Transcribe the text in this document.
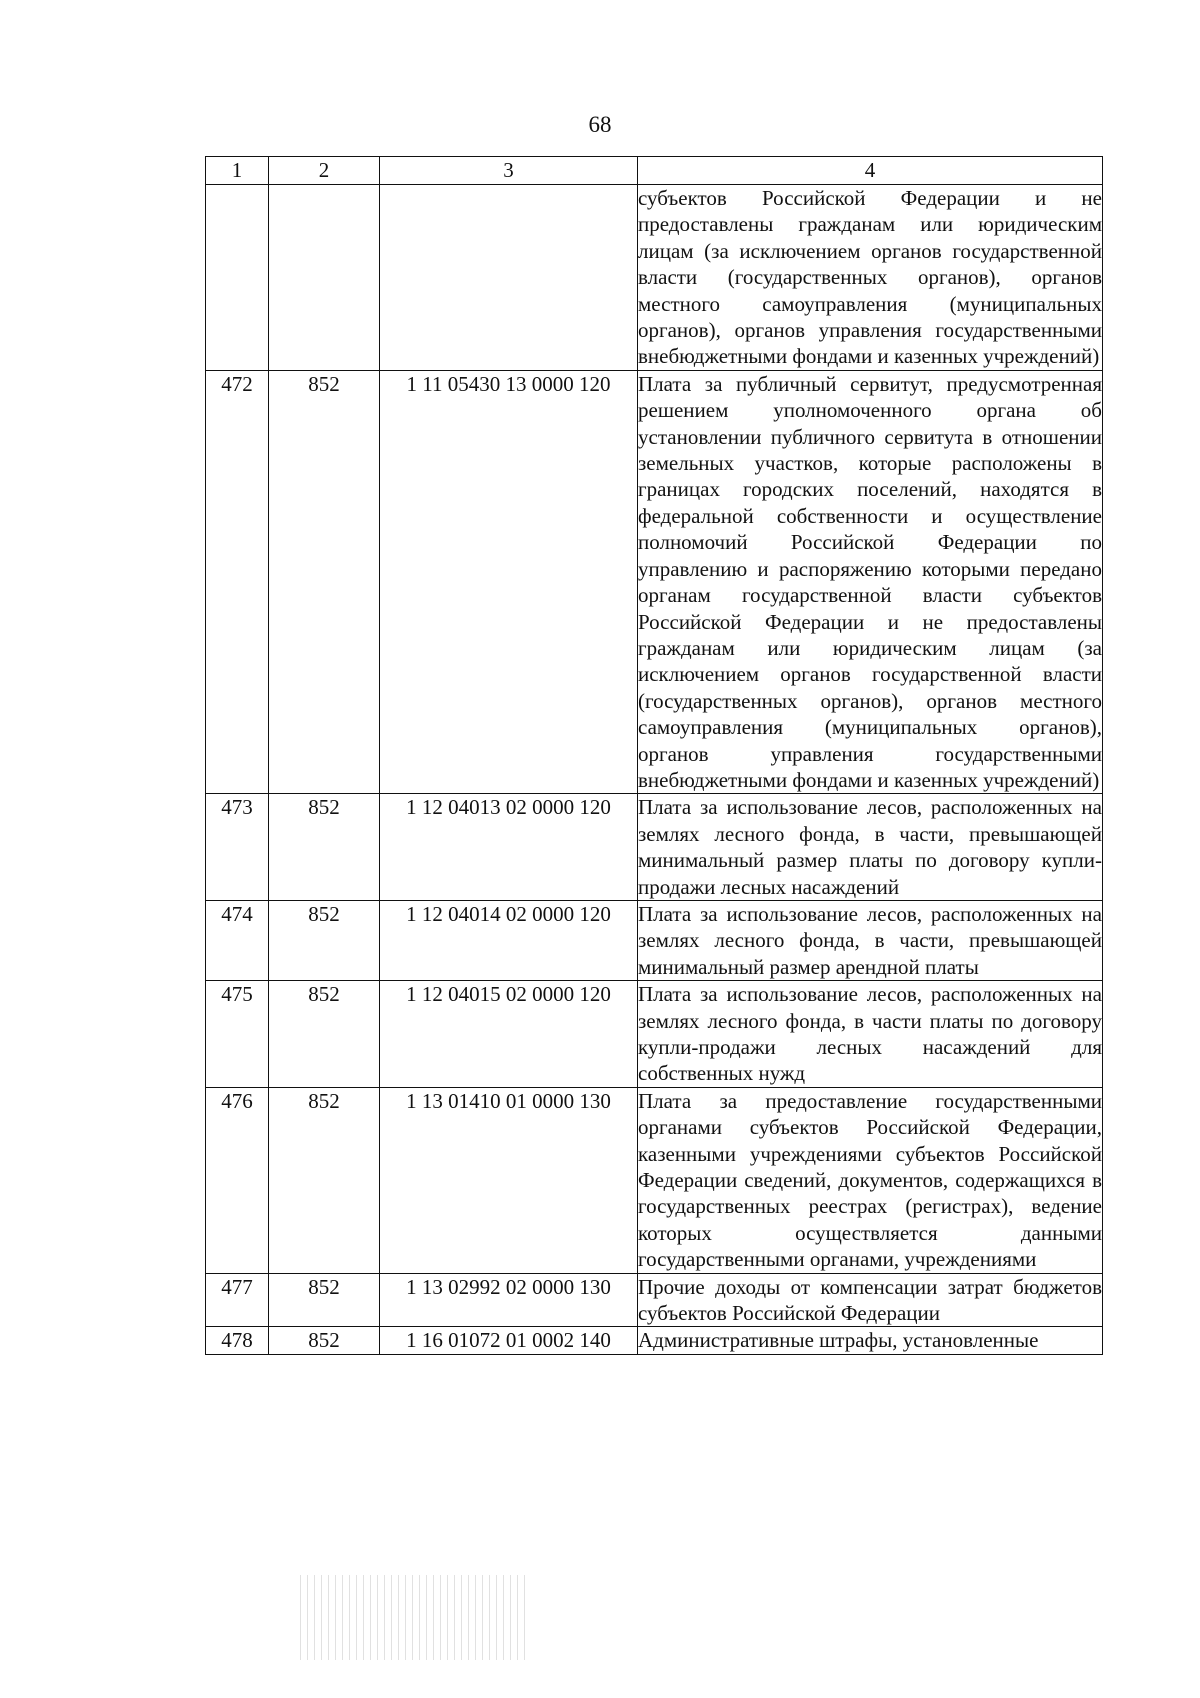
68
1	2	3	4
			субъектов Российской Федерации и не предоставлены гражданам или юридическим лицам (за исключением органов государственной власти (государственных органов), органов местного самоуправления (муниципальных органов), органов управления государственными внебюджетными фондами и казенных учреждений)
472	852	1 11 05430 13 0000 120	Плата за публичный сервитут, предусмотренная решением уполномоченного органа об установлении публичного сервитута в отношении земельных участков, которые расположены в границах городских поселений, находятся в федеральной собственности и осуществление полномочий Российской Федерации по управлению и распоряжению которыми передано органам государственной власти субъектов Российской Федерации и не предоставлены гражданам или юридическим лицам (за исключением органов государственной власти (государственных органов), органов местного самоуправления (муниципальных органов), органов управления государственными внебюджетными фондами и казенных учреждений)
473	852	1 12 04013 02 0000 120	Плата за использование лесов, расположенных на землях лесного фонда, в части, превышающей минимальный размер платы по договору купли-продажи лесных насаждений
474	852	1 12 04014 02 0000 120	Плата за использование лесов, расположенных на землях лесного фонда, в части, превышающей минимальный размер арендной платы
475	852	1 12 04015 02 0000 120	Плата за использование лесов, расположенных на землях лесного фонда, в части платы по договору купли-продажи лесных насаждений для собственных нужд
476	852	1 13 01410 01 0000 130	Плата за предоставление государственными органами субъектов Российской Федерации, казенными учреждениями субъектов Российской Федерации сведений, документов, содержащихся в государственных реестрах (регистрах), ведение которых осуществляется данными государственными органами, учреждениями
477	852	1 13 02992 02 0000 130	Прочие доходы от компенсации затрат бюджетов субъектов Российской Федерации
478	852	1 16 01072 01 0002 140	Административные штрафы, установленные
